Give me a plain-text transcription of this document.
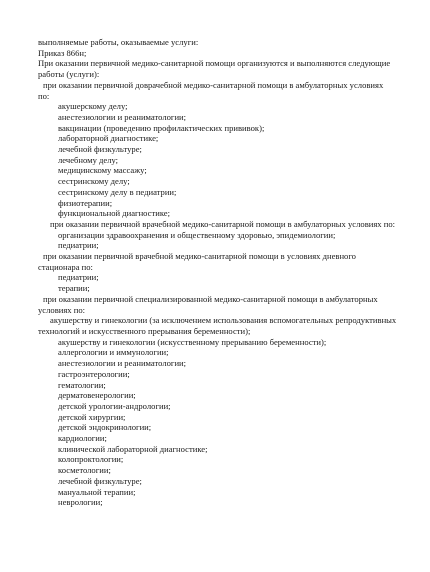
выполняемые работы, оказываемые услуги:
Приказ 866н;
При оказании первичной медико-санитарной помощи организуются и выполняются следующие
работы (услуги):
при оказании первичной доврачебной медико-санитарной помощи в амбулаторных условиях
по:
акушерскому делу;
анестезиологии и реаниматологии;
вакцинации (проведению профилактических прививок);
лабораторной диагностике;
лечебной физкультуре;
лечебному делу;
медицинскому массажу;
сестринскому делу;
сестринскому делу в педиатрии;
физиотерапии;
функциональной диагностике;
при оказании первичной врачебной медико-санитарной помощи в амбулаторных условиях по:
организации здравоохранения и общественному здоровью, эпидемиологии;
педиатрии;
при оказании первичной врачебной медико-санитарной помощи в условиях дневного
стационара по:
педиатрии;
терапии;
при оказании первичной специализированной медико-санитарной помощи в амбулаторных
условиях по:
акушерству и гинекологии (за исключением использования вспомогательных репродуктивных
технологий и искусственного прерывания беременности);
акушерству и гинекологии (искусственному прерыванию беременности);
аллергологии и иммунологии;
анестезиологии и реаниматологии;
гастроэнтерологии;
гематологии;
дерматовенерологии;
детской урологии-андрологии;
детской хирургии;
детской эндокринологии;
кардиологии;
клинической лабораторной диагностике;
колопроктологии;
косметологии;
лечебной физкультуре;
мануальной терапии;
неврологии;
